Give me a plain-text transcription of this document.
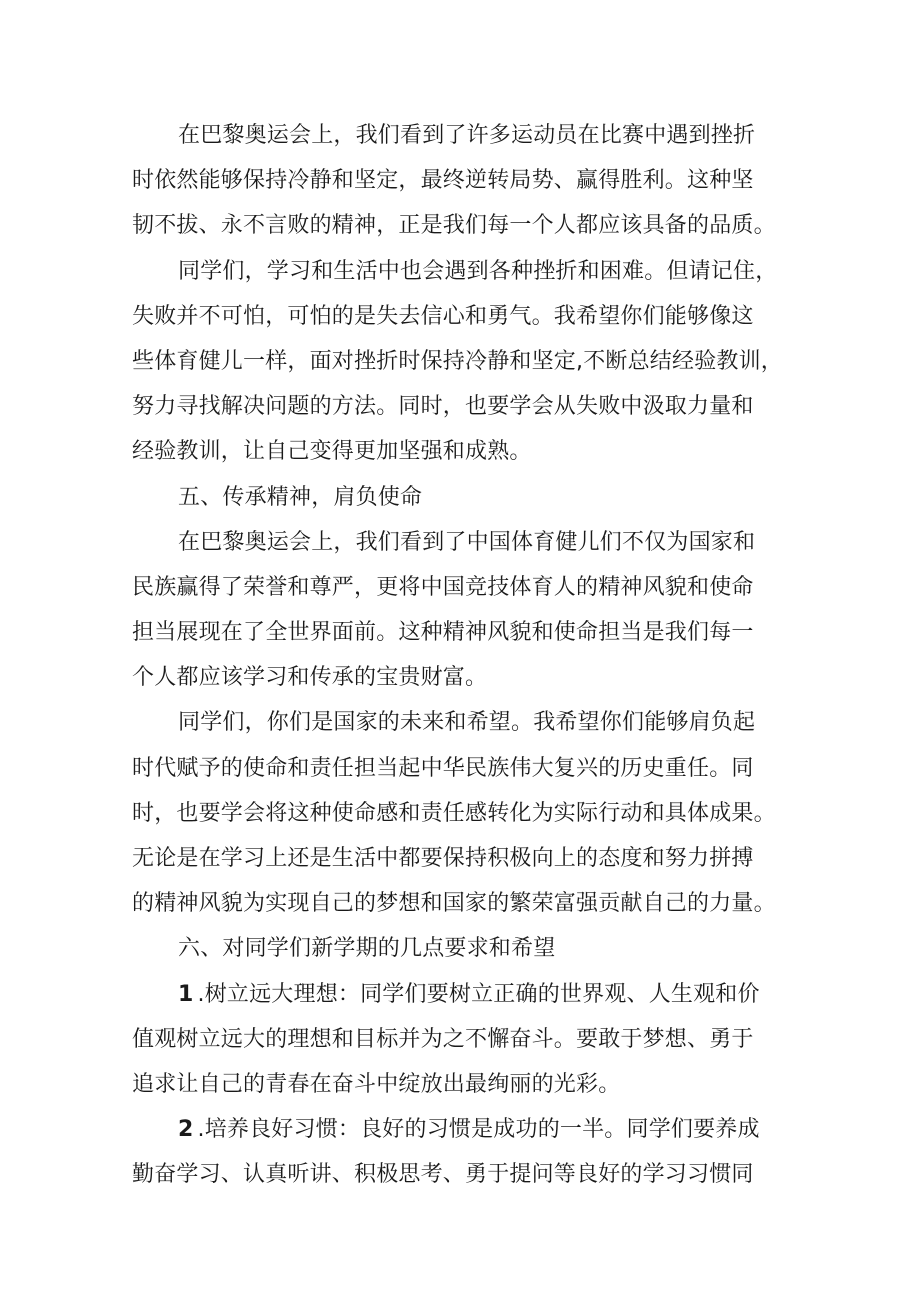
在巴黎奥运会上，我们看到了许多运动员在比赛中遇到挫折
时依然能够保持冷静和坚定，最终逆转局势、赢得胜利。这种坚
韧不拔、永不言败的精神，正是我们每一个人都应该具备的品质。
同学们，学习和生活中也会遇到各种挫折和困难。但请记住，
失败并不可怕，可怕的是失去信心和勇气。我希望你们能够像这
些体育健儿一样，面对挫折时保持冷静和坚定,不断总结经验教训，
努力寻找解决问题的方法。同时，也要学会从失败中汲取力量和
经验教训，让自己变得更加坚强和成熟。
五、传承精神，肩负使命
在巴黎奥运会上，我们看到了中国体育健儿们不仅为国家和
民族赢得了荣誉和尊严，更将中国竞技体育人的精神风貌和使命
担当展现在了全世界面前。这种精神风貌和使命担当是我们每一
个人都应该学习和传承的宝贵财富。
同学们，你们是国家的未来和希望。我希望你们能够肩负起
时代赋予的使命和责任担当起中华民族伟大复兴的历史重任。同
时，也要学会将这种使命感和责任感转化为实际行动和具体成果。
无论是在学习上还是生活中都要保持积极向上的态度和努力拼搏
的精神风貌为实现自己的梦想和国家的繁荣富强贡献自己的力量。
六、对同学们新学期的几点要求和希望
1 .树立远大理想：同学们要树立正确的世界观、人生观和价
值观树立远大的理想和目标并为之不懈奋斗。要敢于梦想、勇于
追求让自己的青春在奋斗中绽放出最绚丽的光彩。
2 .培养良好习惯：良好的习惯是成功的一半。同学们要养成
勤奋学习、认真听讲、积极思考、勇于提问等良好的学习习惯同
